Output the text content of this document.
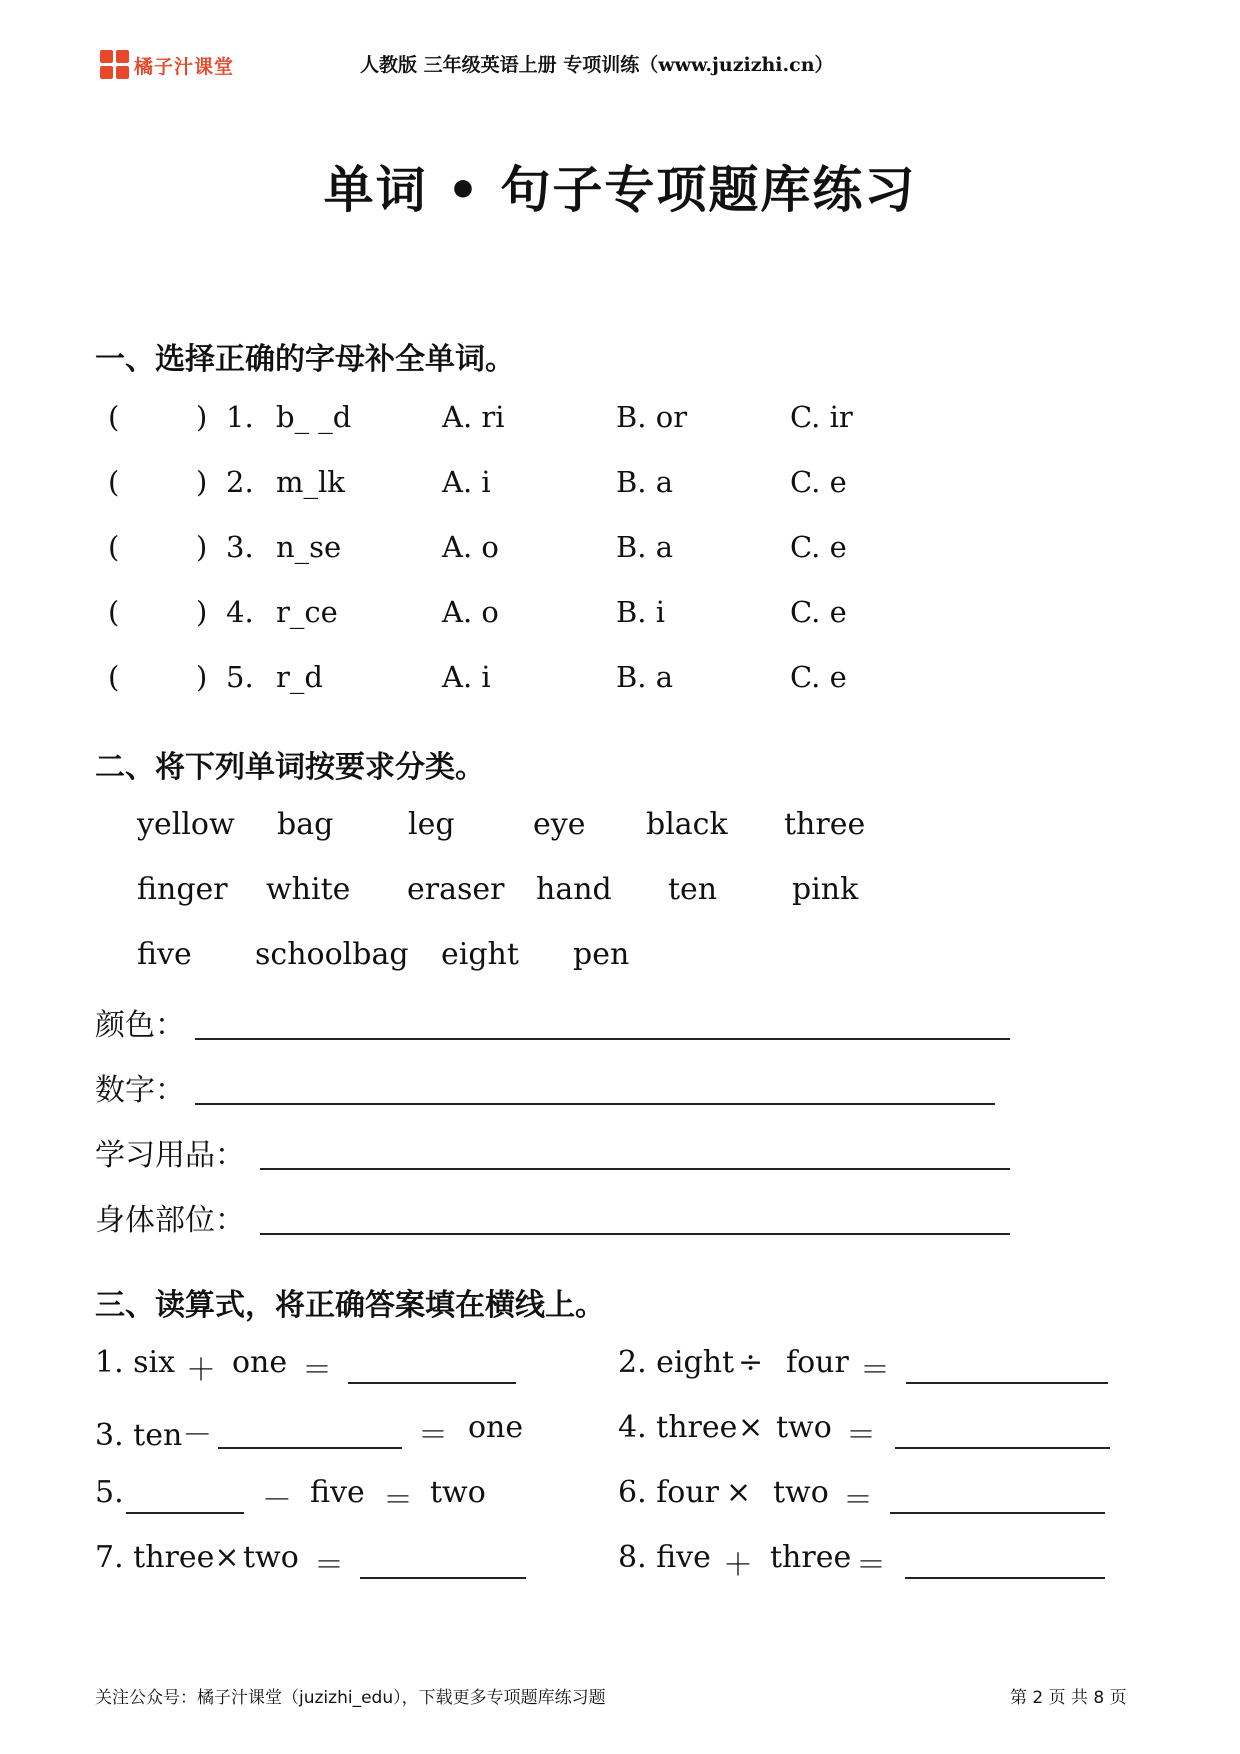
橘子汁课堂	人教版 三年级英语上册 专项训练（www.juzizhi.cn）
单词 • 句子专项题库练习
一、选择正确的字母补全单词。
(	) 1. b_ _d	A. ri	B. or	C. ir
(	) 2. m_lk	A. i	B. a	C. e
(	) 3. n_se	A. o	B. a	C. e
(	) 4. r_ce	A. o	B. i	C. e
(	) 5. r_d	A. i	B. a	C. e
二、将下列单词按要求分类。
yellow bag leg	eye black three
finger white eraser hand ten pink
five schoolbag eight pen
颜色：
数字：
学习用品：
身体部位：
三、读算式，将正确答案填在横线上。
1. six ＋ one ＝	2. eight ÷ four ＝
3. ten－	＝ one	4. three × two ＝
5.	－ five ＝ two	6. four × two ＝
7. three× two ＝	8. five ＋ three ＝
关注公众号：橘子汁课堂（juzizhi_edu），下载更多专项题库练习题	第 2 页 共 8 页
